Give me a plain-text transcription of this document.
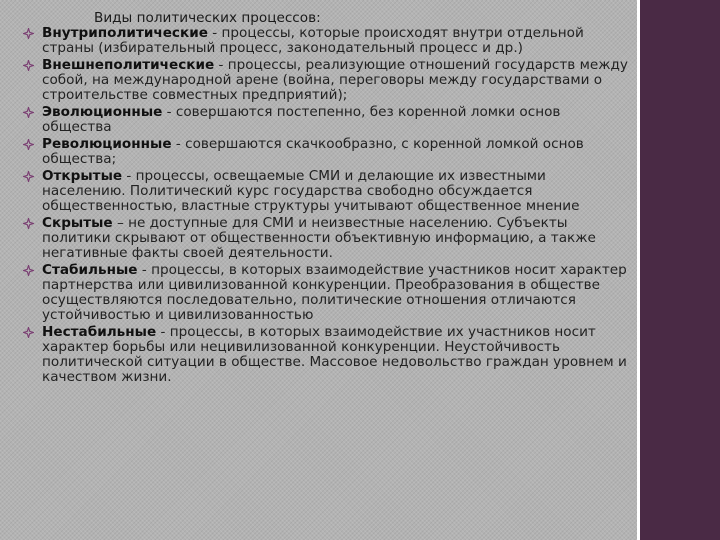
Виды политических процессов:

Внутриполитические - процессы, которые происходят внутри отдельной страны (избирательный процесс, законодательный процесс и др.)
Внешнеполитические - процессы, реализующие отношений государств между собой, на международной арене (война, переговоры между государствами о строительстве совместных предприятий);
Эволюционные - совершаются постепенно, без коренной ломки основ общества
Революционные - совершаются скачкообразно, с коренной ломкой основ общества;
Открытые - процессы, освещаемые СМИ и делающие их известными населению. Политический курс государства свободно обсуждается общественностью, властные структуры учитывают общественное мнение
Скрытые – не доступные для СМИ и неизвестные населению. Субъекты политики скрывают от общественности объективную информацию, а также негативные факты своей деятельности.
Стабильные - процессы, в которых взаимодействие участников носит характер партнерства или цивилизованной конкуренции. Преобразования в обществе осуществляются последовательно, политические отношения отличаются устойчивостью и цивилизованностью
Нестабильные - процессы, в которых взаимодействие их участников носит характер борьбы или нецивилизованной конкуренции. Неустойчивость политической ситуации в обществе. Массовое недовольство граждан уровнем и качеством жизни.
